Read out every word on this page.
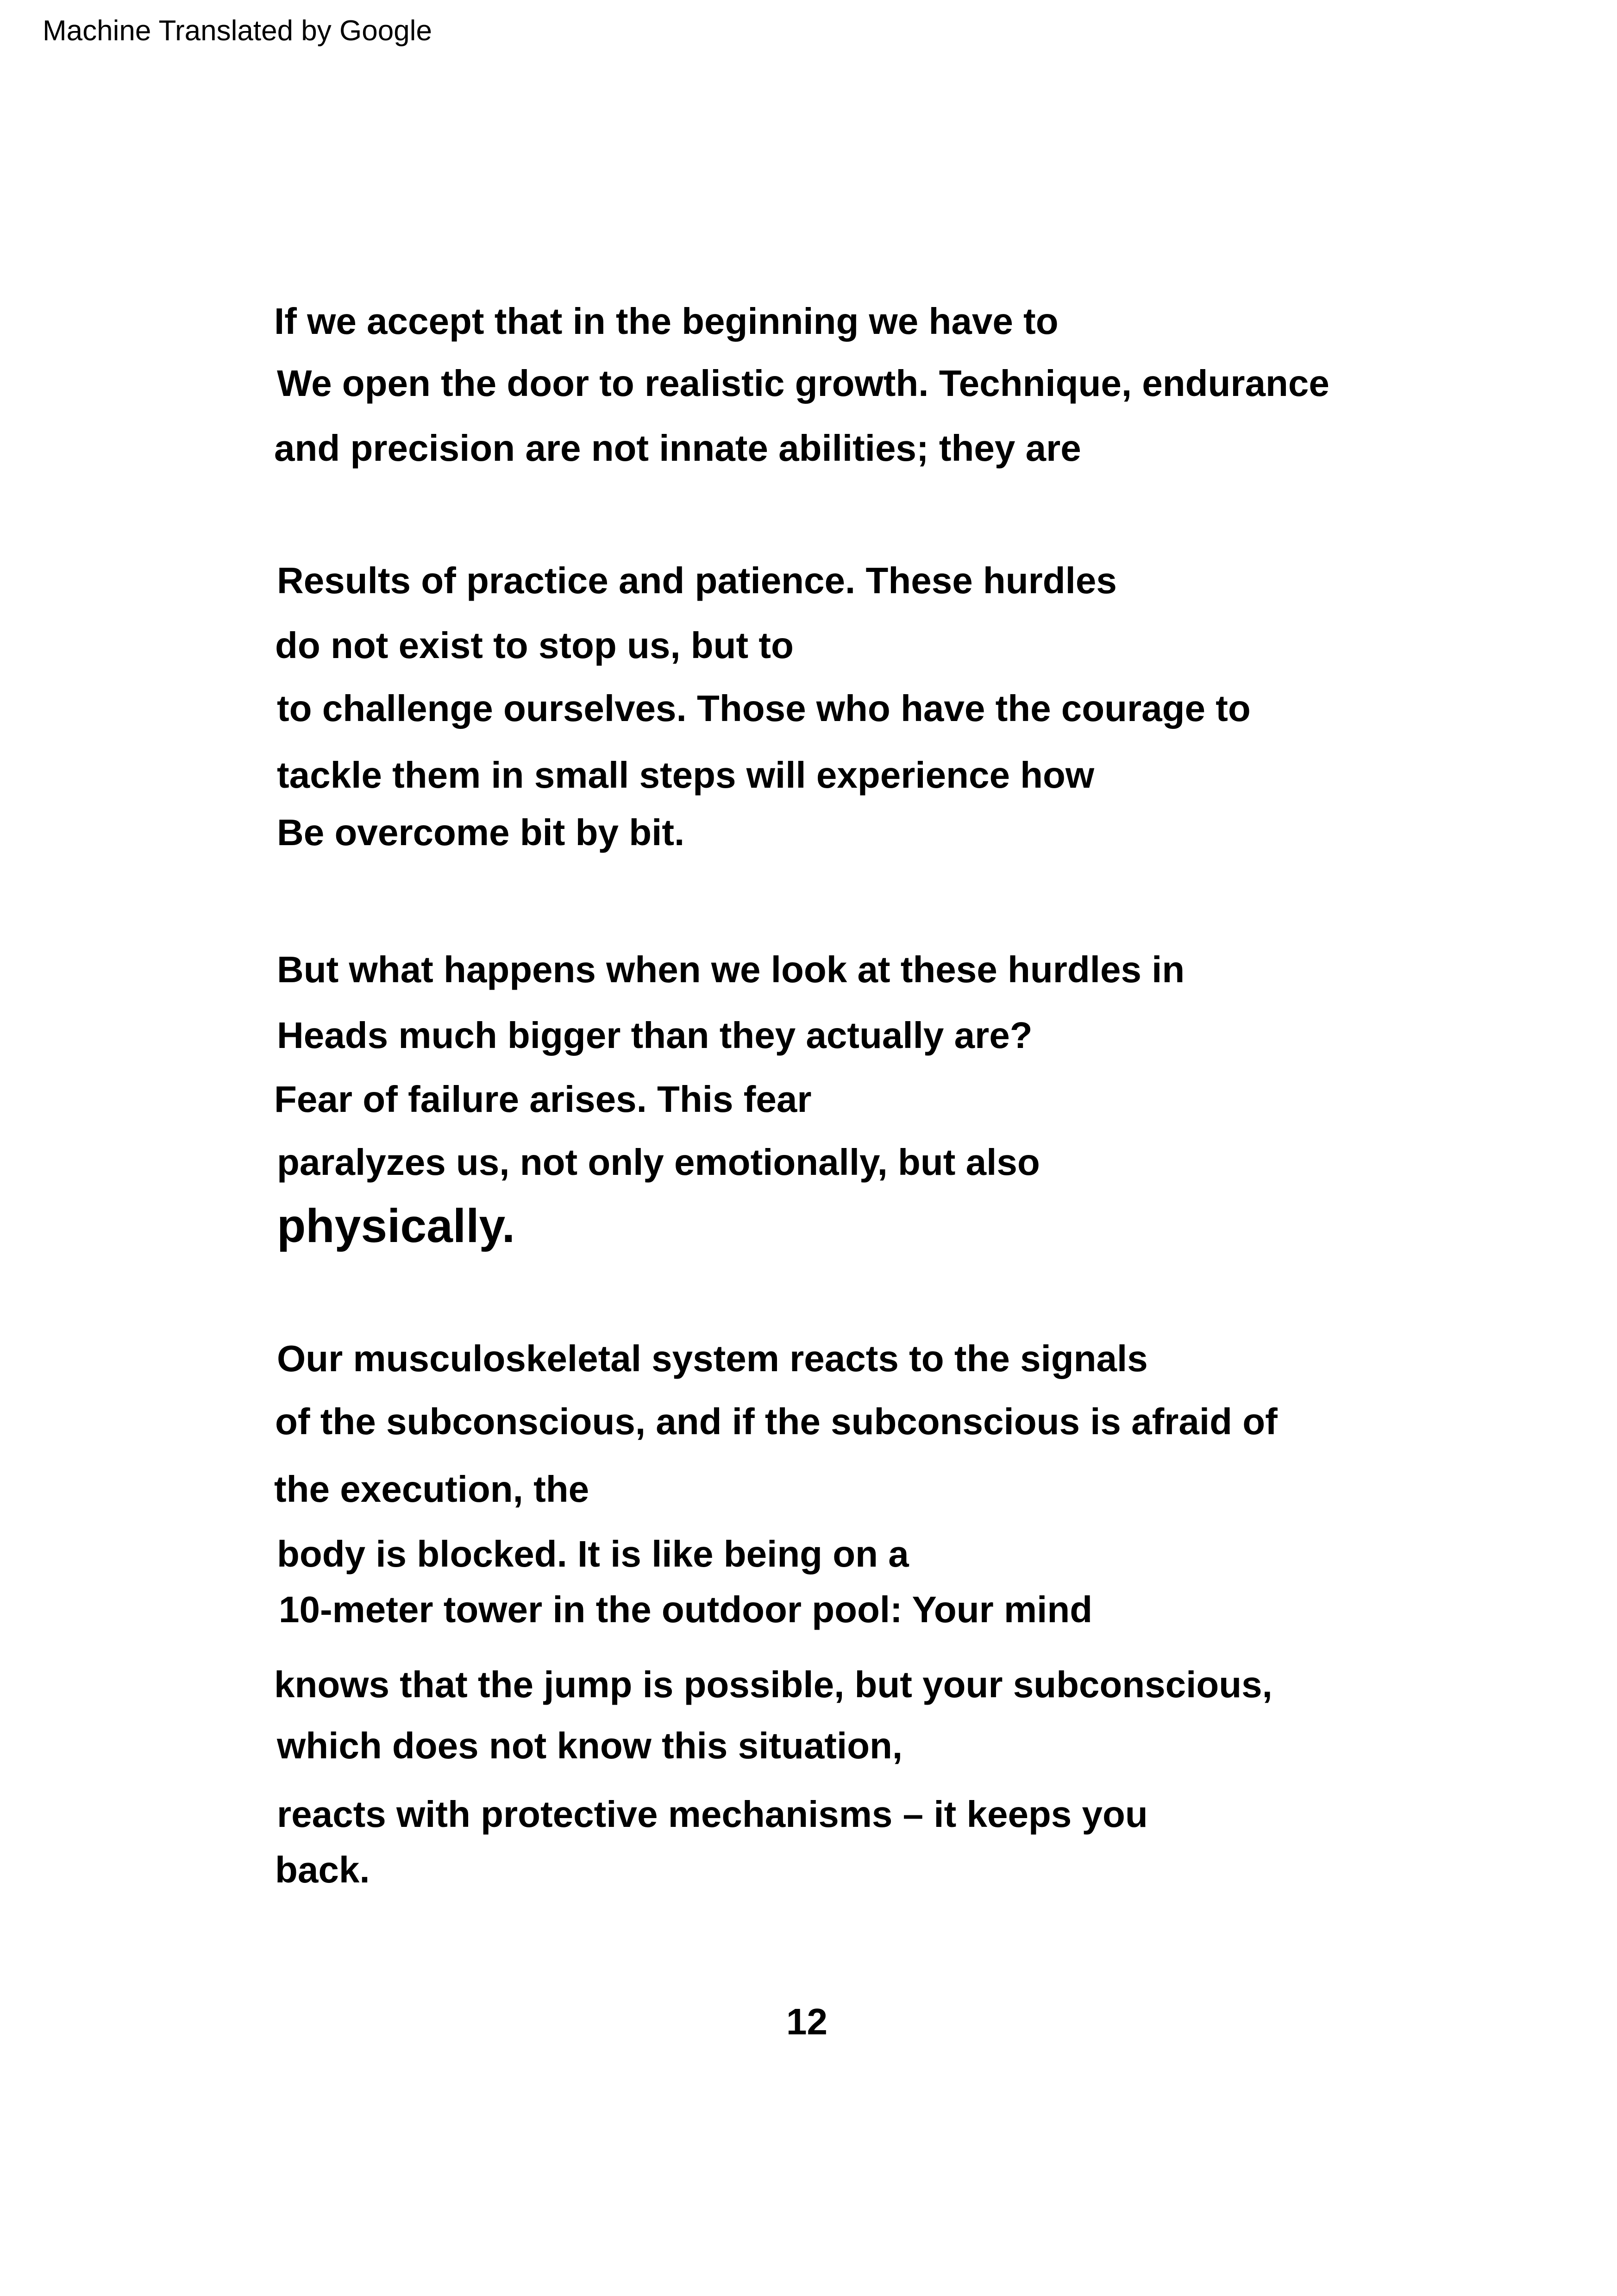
Machine Translated by Google
If we accept that in the beginning we have to
We open the door to realistic growth. Technique, endurance
and precision are not innate abilities; they are
Results of practice and patience. These hurdles
do not exist to stop us, but to
to challenge ourselves. Those who have the courage to
tackle them in small steps will experience how
Be overcome bit by bit.
But what happens when we look at these hurdles in
Heads much bigger than they actually are?
Fear of failure arises. This fear
paralyzes us, not only emotionally, but also
physically.
Our musculoskeletal system reacts to the signals
of the subconscious, and if the subconscious is afraid of
the execution, the
body is blocked. It is like being on a
10-meter tower in the outdoor pool: Your mind
knows that the jump is possible, but your subconscious,
which does not know this situation,
reacts with protective mechanisms – it keeps you
back.
12
